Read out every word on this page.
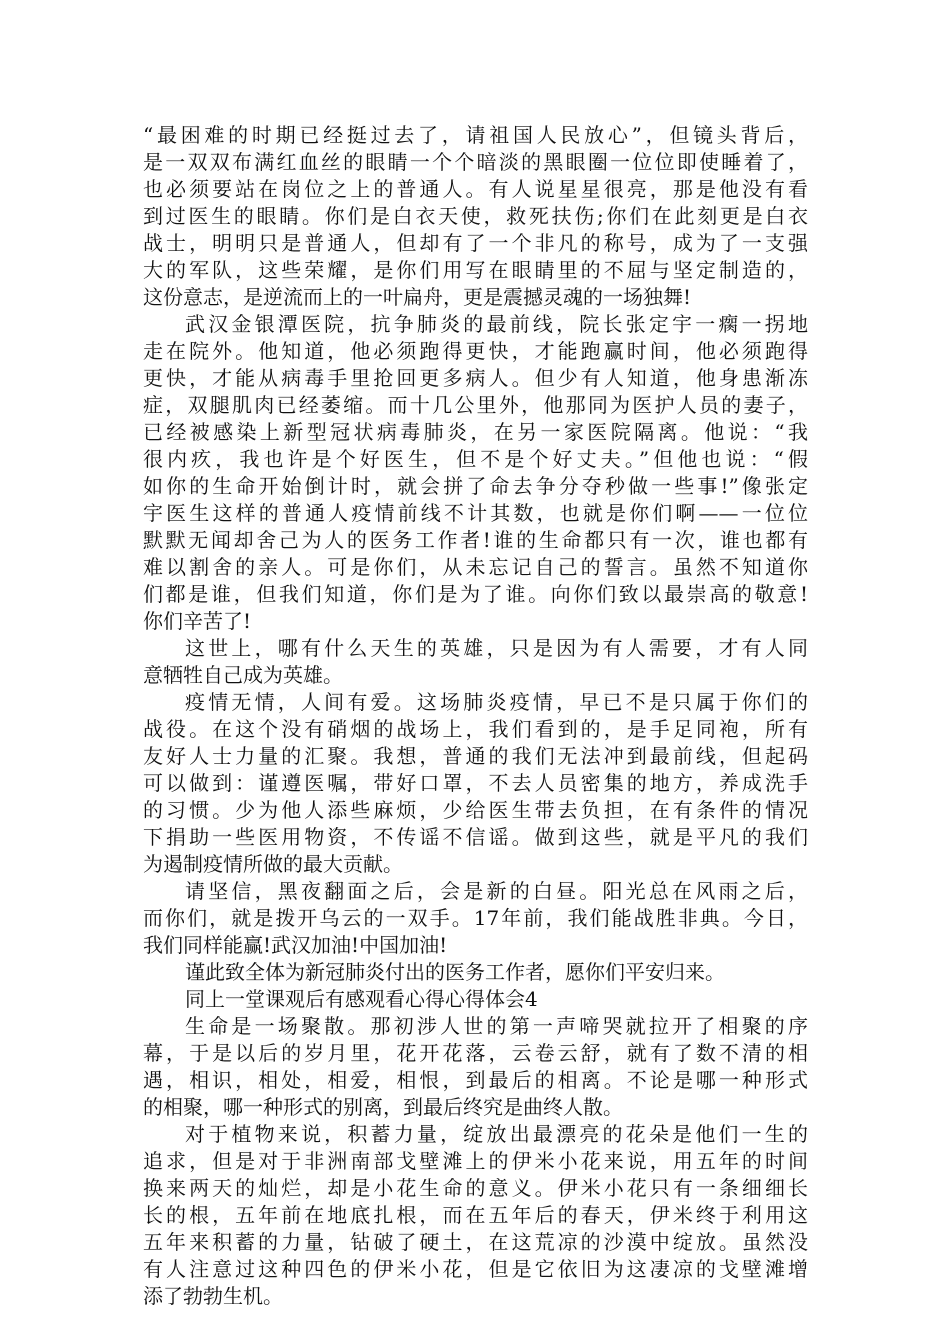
“最困难的时期已经挺过去了，请祖国人民放心”，但镜头背后，
是一双双布满红血丝的眼睛一个个暗淡的黑眼圈一位位即使睡着了，
也必须要站在岗位之上的普通人。有人说星星很亮，那是他没有看
到过医生的眼睛。你们是白衣天使，救死扶伤;你们在此刻更是白衣
战士，明明只是普通人，但却有了一个非凡的称号，成为了一支强
大的军队，这些荣耀，是你们用写在眼睛里的不屈与坚定制造的，
这份意志，是逆流而上的一叶扁舟，更是震撼灵魂的一场独舞!
武汉金银潭医院，抗争肺炎的最前线，院长张定宇一瘸一拐地
走在院外。他知道，他必须跑得更快，才能跑赢时间，他必须跑得
更快，才能从病毒手里抢回更多病人。但少有人知道，他身患渐冻
症，双腿肌肉已经萎缩。而十几公里外，他那同为医护人员的妻子，
已经被感染上新型冠状病毒肺炎，在另一家医院隔离。他说：“我
很内疚，我也许是个好医生，但不是个好丈夫。”但他也说：“假
如你的生命开始倒计时，就会拼了命去争分夺秒做一些事!”像张定
宇医生这样的普通人疫情前线不计其数，也就是你们啊——一位位
默默无闻却舍己为人的医务工作者!谁的生命都只有一次，谁也都有
难以割舍的亲人。可是你们，从未忘记自己的誓言。虽然不知道你
们都是谁，但我们知道，你们是为了谁。向你们致以最崇高的敬意!
你们辛苦了!
这世上，哪有什么天生的英雄，只是因为有人需要，才有人同
意牺牲自己成为英雄。
疫情无情，人间有爱。这场肺炎疫情，早已不是只属于你们的
战役。在这个没有硝烟的战场上，我们看到的，是手足同袍，所有
友好人士力量的汇聚。我想，普通的我们无法冲到最前线，但起码
可以做到：谨遵医嘱，带好口罩，不去人员密集的地方，养成洗手
的习惯。少为他人添些麻烦，少给医生带去负担，在有条件的情况
下捐助一些医用物资，不传谣不信谣。做到这些，就是平凡的我们
为遏制疫情所做的最大贡献。
请坚信，黑夜翻面之后，会是新的白昼。阳光总在风雨之后，
而你们，就是拨开乌云的一双手。17年前，我们能战胜非典。今日，
我们同样能赢!武汉加油!中国加油!
谨此致全体为新冠肺炎付出的医务工作者，愿你们平安归来。
同上一堂课观后有感观看心得心得体会4
生命是一场聚散。那初涉人世的第一声啼哭就拉开了相聚的序
幕，于是以后的岁月里，花开花落，云卷云舒，就有了数不清的相
遇，相识，相处，相爱，相恨，到最后的相离。不论是哪一种形式
的相聚，哪一种形式的别离，到最后终究是曲终人散。
对于植物来说，积蓄力量，绽放出最漂亮的花朵是他们一生的
追求，但是对于非洲南部戈壁滩上的伊米小花来说，用五年的时间
换来两天的灿烂，却是小花生命的意义。伊米小花只有一条细细长
长的根，五年前在地底扎根，而在五年后的春天，伊米终于利用这
五年来积蓄的力量，钻破了硬土，在这荒凉的沙漠中绽放。虽然没
有人注意过这种四色的伊米小花，但是它依旧为这凄凉的戈壁滩增
添了勃勃生机。
